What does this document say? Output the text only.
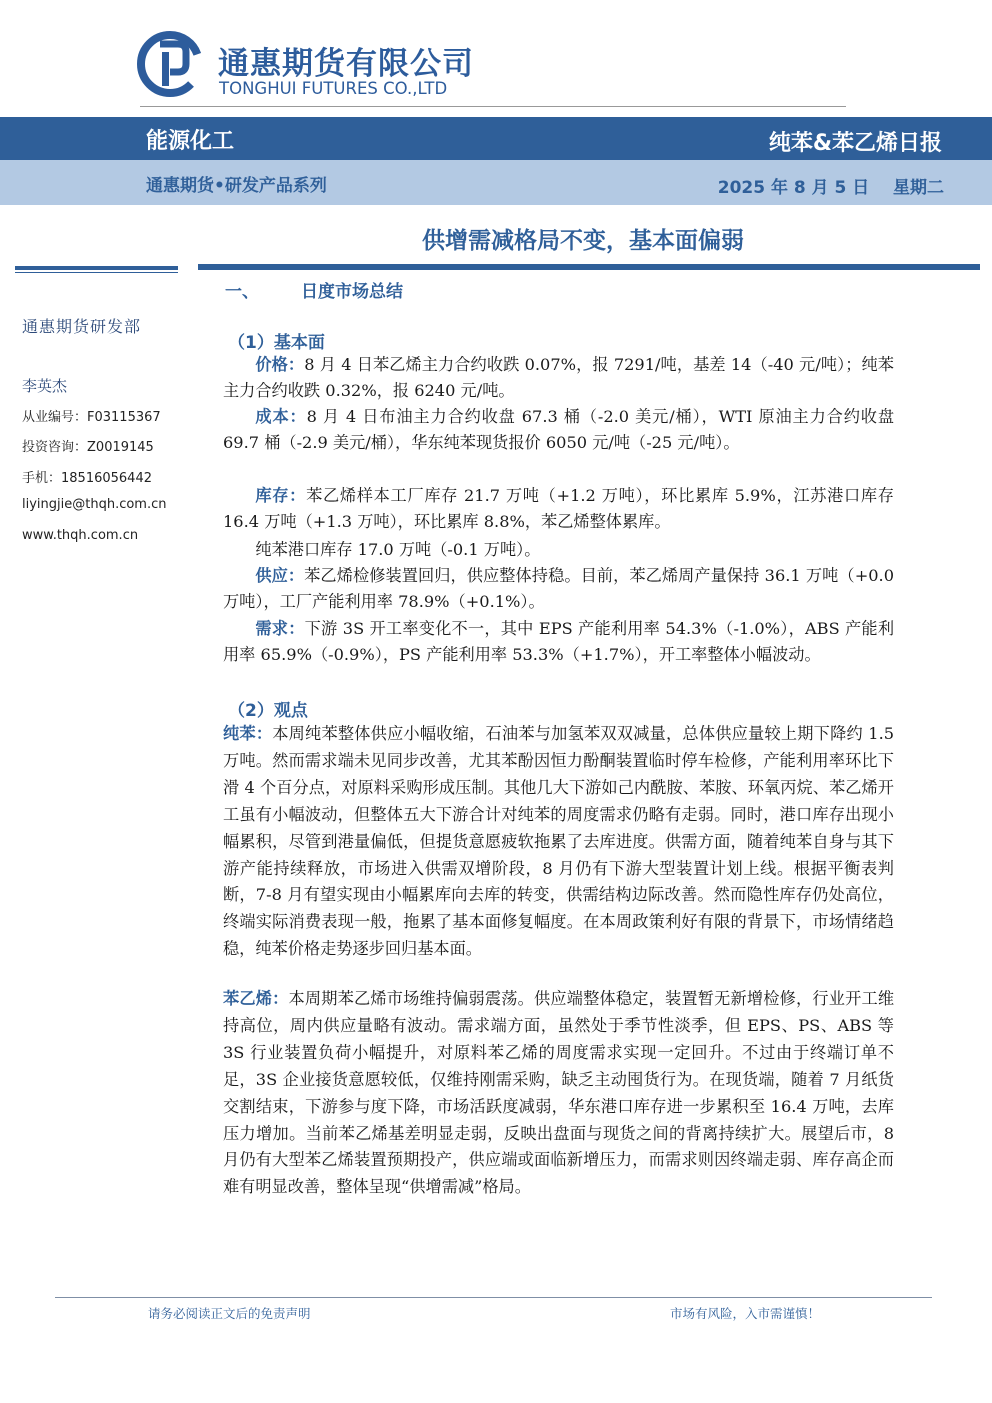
通惠期货有限公司
TONGHUI FUTURES CO.,LTD
能源化工	纯苯&苯乙烯日报
通惠期货•研发产品系列	2025 年 8 月 5 日 星期二
供增需减格局不变，基本面偏弱
通惠期货研发部
李英杰
从业编号：F03115367
投资咨询：Z0019145
手机：18516056442
liyingjie@thqh.com.cn
www.thqh.com.cn
一、 日度市场总结
（1）基本面
价格：8 月 4 日苯乙烯主力合约收跌 0.07%，报 7291/吨，基差 14（-40 元/吨）；纯苯主力合约收跌 0.32%，报 6240 元/吨。
成本：8 月 4 日布油主力合约收盘 67.3 桶（-2.0 美元/桶），WTI 原油主力合约收盘 69.7 桶（-2.9 美元/桶），华东纯苯现货报价 6050 元/吨（-25 元/吨）。
库存：苯乙烯样本工厂库存 21.7 万吨（+1.2 万吨），环比累库 5.9%，江苏港口库存 16.4 万吨（+1.3 万吨），环比累库 8.8%，苯乙烯整体累库。
纯苯港口库存 17.0 万吨（-0.1 万吨）。
供应：苯乙烯检修装置回归，供应整体持稳。目前，苯乙烯周产量保持 36.1 万吨（+0.0 万吨），工厂产能利用率 78.9%（+0.1%）。
需求：下游 3S 开工率变化不一，其中 EPS 产能利用率 54.3%（-1.0%），ABS 产能利用率 65.9%（-0.9%），PS 产能利用率 53.3%（+1.7%），开工率整体小幅波动。
（2）观点
纯苯：本周纯苯整体供应小幅收缩，石油苯与加氢苯双双减量，总体供应量较上期下降约 1.5 万吨。然而需求端未见同步改善，尤其苯酚因恒力酚酮装置临时停车检修，产能利用率环比下滑 4 个百分点，对原料采购形成压制。其他几大下游如己内酰胺、苯胺、环氧丙烷、苯乙烯开工虽有小幅波动，但整体五大下游合计对纯苯的周度需求仍略有走弱。同时，港口库存出现小幅累积，尽管到港量偏低，但提货意愿疲软拖累了去库进度。供需方面，随着纯苯自身与其下游产能持续释放，市场进入供需双增阶段，8 月仍有下游大型装置计划上线。根据平衡表判断，7-8 月有望实现由小幅累库向去库的转变，供需结构边际改善。然而隐性库存仍处高位，终端实际消费表现一般，拖累了基本面修复幅度。在本周政策利好有限的背景下，市场情绪趋稳，纯苯价格走势逐步回归基本面。
苯乙烯：本周期苯乙烯市场维持偏弱震荡。供应端整体稳定，装置暂无新增检修，行业开工维持高位，周内供应量略有波动。需求端方面，虽然处于季节性淡季，但 EPS、PS、ABS 等 3S 行业装置负荷小幅提升，对原料苯乙烯的周度需求实现一定回升。不过由于终端订单不足，3S 企业接货意愿较低，仅维持刚需采购，缺乏主动囤货行为。在现货端，随着 7 月纸货交割结束，下游参与度下降，市场活跃度减弱，华东港口库存进一步累积至 16.4 万吨，去库压力增加。当前苯乙烯基差明显走弱，反映出盘面与现货之间的背离持续扩大。展望后市，8 月仍有大型苯乙烯装置预期投产，供应端或面临新增压力，而需求则因终端走弱、库存高企而难有明显改善，整体呈现“供增需减”格局。
请务必阅读正文后的免责声明	市场有风险，入市需谨慎！
